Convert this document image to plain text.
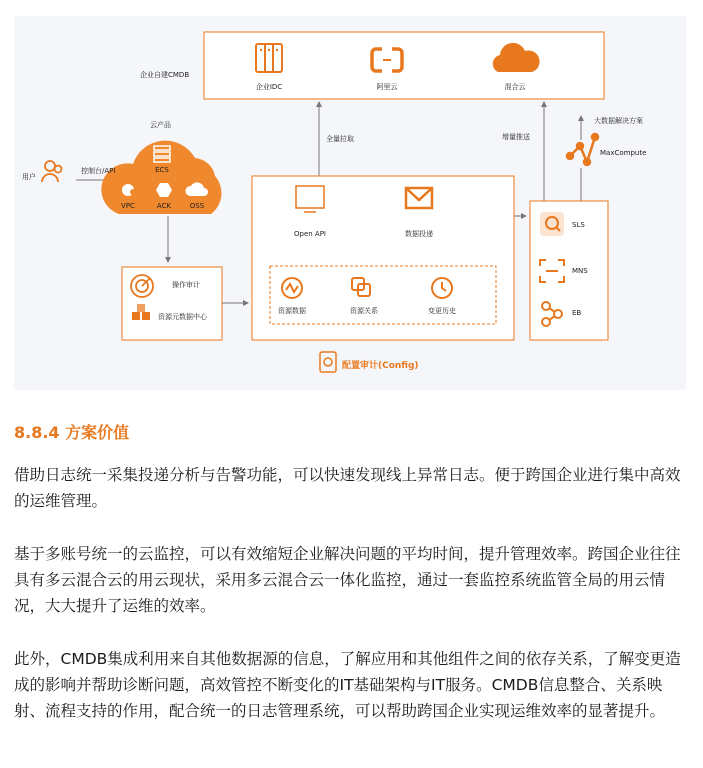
企业自建CMDB
企业IDC	阿里云	混合云
全量拉取	增量推送
大数据解决方案
MaxCompute
云产品
用户
控制台/API	ECS
VPC	ACK	OSS
Open API	数据投递
资源数据	资源关系	变更历史
操作审计
资源元数据中心
SLS
MNS
EB
配置审计(Config)
8.8.4 方案价值

借助日志统一采集投递分析与告警功能，可以快速发现线上异常日志。便于跨国企业进行集中高效的运维管理。

基于多账号统一的云监控，可以有效缩短企业解决问题的平均时间，提升管理效率。跨国企业往往具有多云混合云的用云现状，采用多云混合云一体化监控，通过一套监控系统监管全局的用云情况，大大提升了运维的效率。

此外，CMDB集成利用来自其他数据源的信息，了解应用和其他组件之间的依存关系，了解变更造成的影响并帮助诊断问题，高效管控不断变化的IT基础架构与IT服务。CMDB信息整合、关系映射、流程支持的作用，配合统一的日志管理系统，可以帮助跨国企业实现运维效率的显著提升。
